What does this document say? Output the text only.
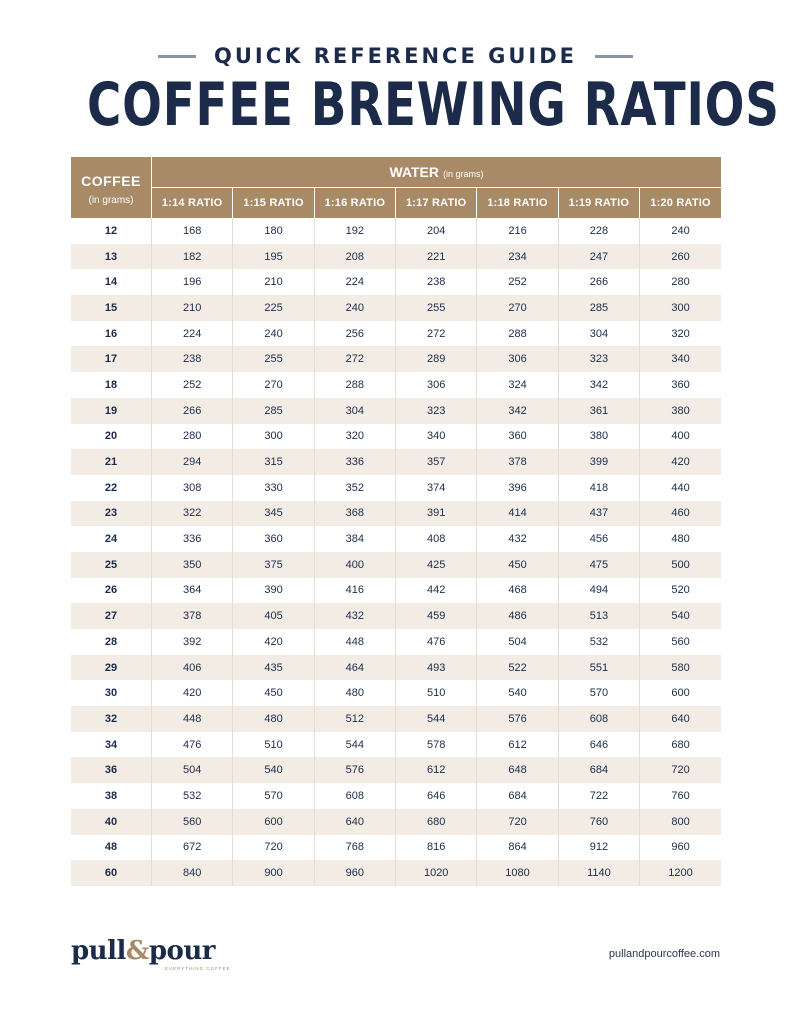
QUICK REFERENCE GUIDE
COFFEE BREWING RATIOS
COFFEE
(in grams)	WATER (in grams)						
	1:14 RATIO	1:15 RATIO	1:16 RATIO	1:17 RATIO	1:18 RATIO	1:19 RATIO	1:20 RATIO
12	168	180	192	204	216	228	240
13	182	195	208	221	234	247	260
14	196	210	224	238	252	266	280
15	210	225	240	255	270	285	300
16	224	240	256	272	288	304	320
17	238	255	272	289	306	323	340
18	252	270	288	306	324	342	360
19	266	285	304	323	342	361	380
20	280	300	320	340	360	380	400
21	294	315	336	357	378	399	420
22	308	330	352	374	396	418	440
23	322	345	368	391	414	437	460
24	336	360	384	408	432	456	480
25	350	375	400	425	450	475	500
26	364	390	416	442	468	494	520
27	378	405	432	459	486	513	540
28	392	420	448	476	504	532	560
29	406	435	464	493	522	551	580
30	420	450	480	510	540	570	600
32	448	480	512	544	576	608	640
34	476	510	544	578	612	646	680
36	504	540	576	612	648	684	720
38	532	570	608	646	684	722	760
40	560	600	640	680	720	760	800
48	672	720	768	816	864	912	960
60	840	900	960	1020	1080	1140	1200
pull&pour
EVERYTHING COFFEE
pullandpourcoffee.com
